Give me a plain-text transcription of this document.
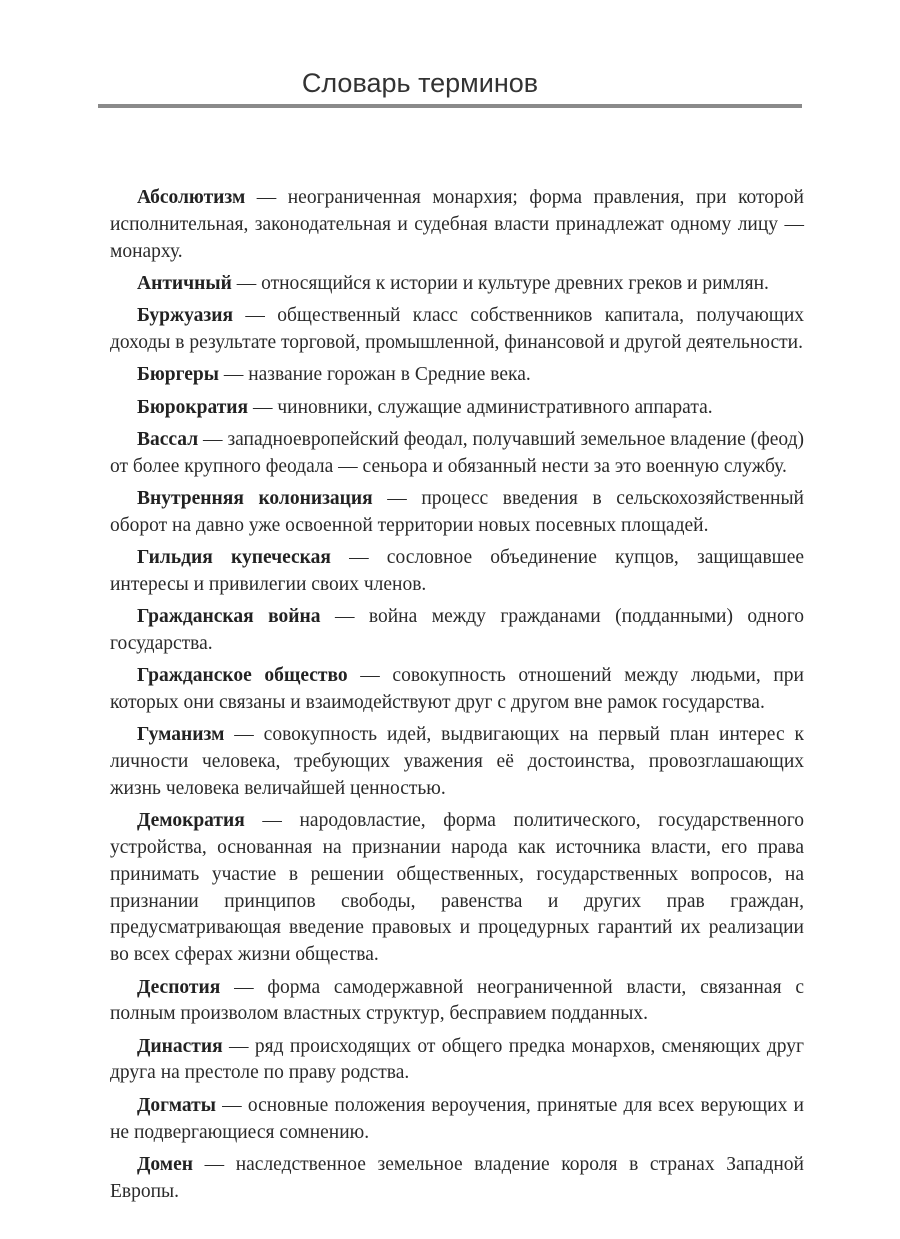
Словарь терминов

Абсолютизм — неограниченная монархия; форма правления, при которой исполнительная, законодательная и судебная власти принадлежат одному лицу — монарху.

Античный — относящийся к истории и культуре древних греков и римлян.

Буржуазия — общественный класс собственников капитала, получающих доходы в результате торговой, промышленной, финансовой и другой деятельности.

Бюргеры — название горожан в Средние века.

Бюрократия — чиновники, служащие административного аппарата.

Вассал — западноевропейский феодал, получавший земельное владение (феод) от более крупного феодала — сеньора и обязанный нести за это военную службу.

Внутренняя колонизация — процесс введения в сельскохозяйственный оборот на давно уже освоенной территории новых посевных площадей.

Гильдия купеческая — сословное объединение купцов, защищавшее интересы и привилегии своих членов.

Гражданская война — война между гражданами (подданными) одного государства.

Гражданское общество — совокупность отношений между людьми, при которых они связаны и взаимодействуют друг с другом вне рамок государства.

Гуманизм — совокупность идей, выдвигающих на первый план интерес к личности человека, требующих уважения её достоинства, провозглашающих жизнь человека величайшей ценностью.

Демократия — народовластие, форма политического, государственного устройства, основанная на признании народа как источника власти, его права принимать участие в решении общественных, государственных вопросов, на признании принципов свободы, равенства и других прав граждан, предусматривающая введение правовых и процедурных гарантий их реализации во всех сферах жизни общества.

Деспотия — форма самодержавной неограниченной власти, связанная с полным произволом властных структур, бесправием подданных.

Династия — ряд происходящих от общего предка монархов, сменяющих друг друга на престоле по праву родства.

Догматы — основные положения вероучения, принятые для всех верующих и не подвергающиеся сомнению.

Домен — наследственное земельное владение короля в странах Западной Европы.
